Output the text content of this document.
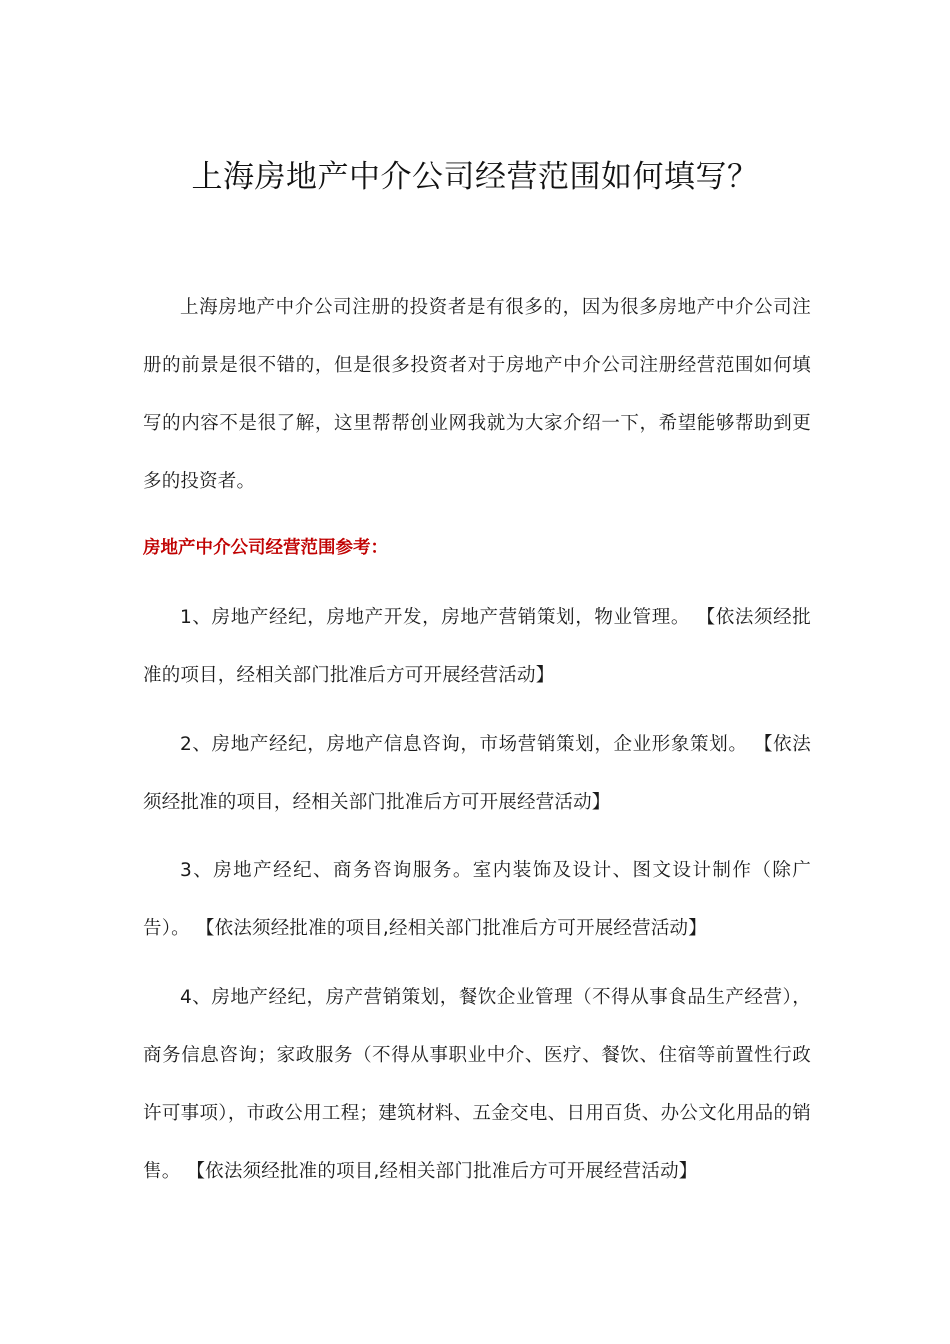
上海房地产中介公司经营范围如何填写？

上海房地产中介公司注册的投资者是有很多的，因为很多房地产中介公司注册的前景是很不错的，但是很多投资者对于房地产中介公司注册经营范围如何填写的内容不是很了解，这里帮帮创业网我就为大家介绍一下，希望能够帮助到更多的投资者。

房地产中介公司经营范围参考：

1、房地产经纪，房地产开发，房地产营销策划，物业管理。 【依法须经批准的项目，经相关部门批准后方可开展经营活动】

2、房地产经纪，房地产信息咨询，市场营销策划，企业形象策划。 【依法须经批准的项目，经相关部门批准后方可开展经营活动】

3、房地产经纪、商务咨询服务。室内装饰及设计、图文设计制作（除广告）。 【依法须经批准的项目,经相关部门批准后方可开展经营活动】

4、房地产经纪，房产营销策划，餐饮企业管理（不得从事食品生产经营），商务信息咨询；家政服务（不得从事职业中介、医疗、餐饮、住宿等前置性行政许可事项），市政公用工程；建筑材料、五金交电、日用百货、办公文化用品的销售。 【依法须经批准的项目,经相关部门批准后方可开展经营活动】
